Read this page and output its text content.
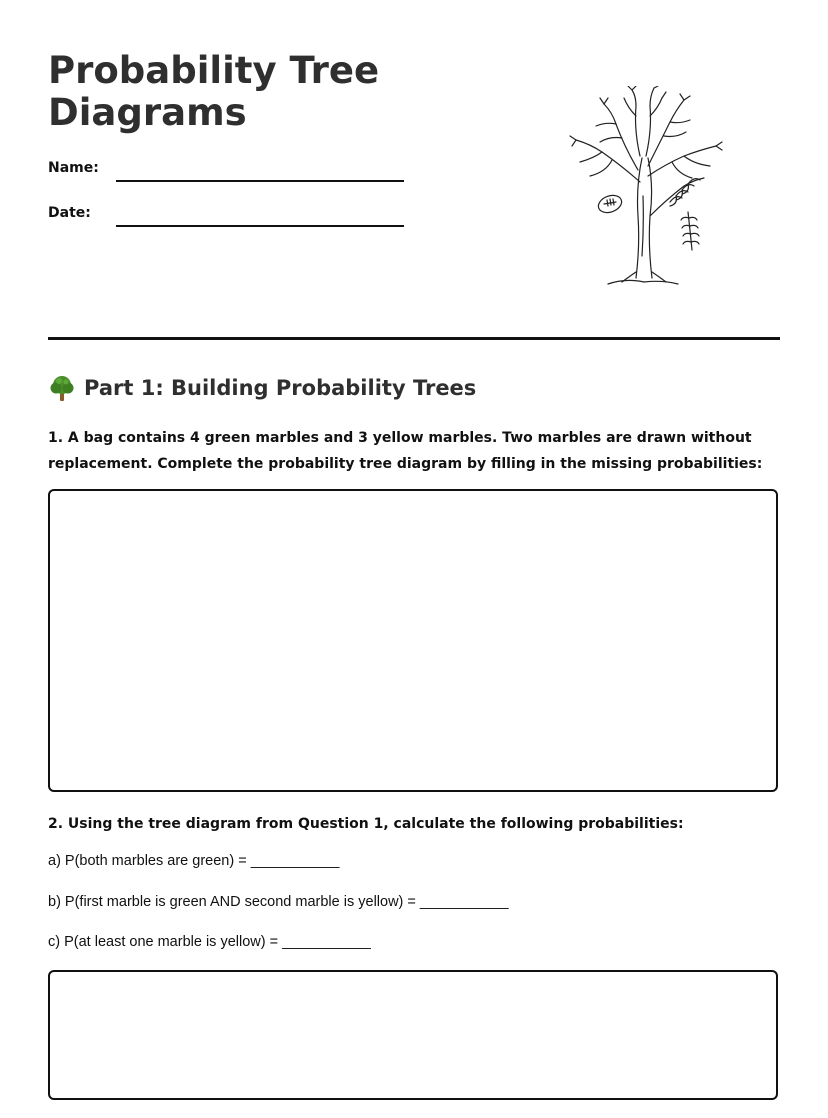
Probability Tree Diagrams
Name:
Date:
Part 1: Building Probability Trees

1. A bag contains 4 green marbles and 3 yellow marbles. Two marbles are drawn without replacement. Complete the probability tree diagram by filling in the missing probabilities:

2. Using the tree diagram from Question 1, calculate the following probabilities:

a) P(both marbles are green) = ___________
b) P(first marble is green AND second marble is yellow) = ___________
c) P(at least one marble is yellow) = ___________
